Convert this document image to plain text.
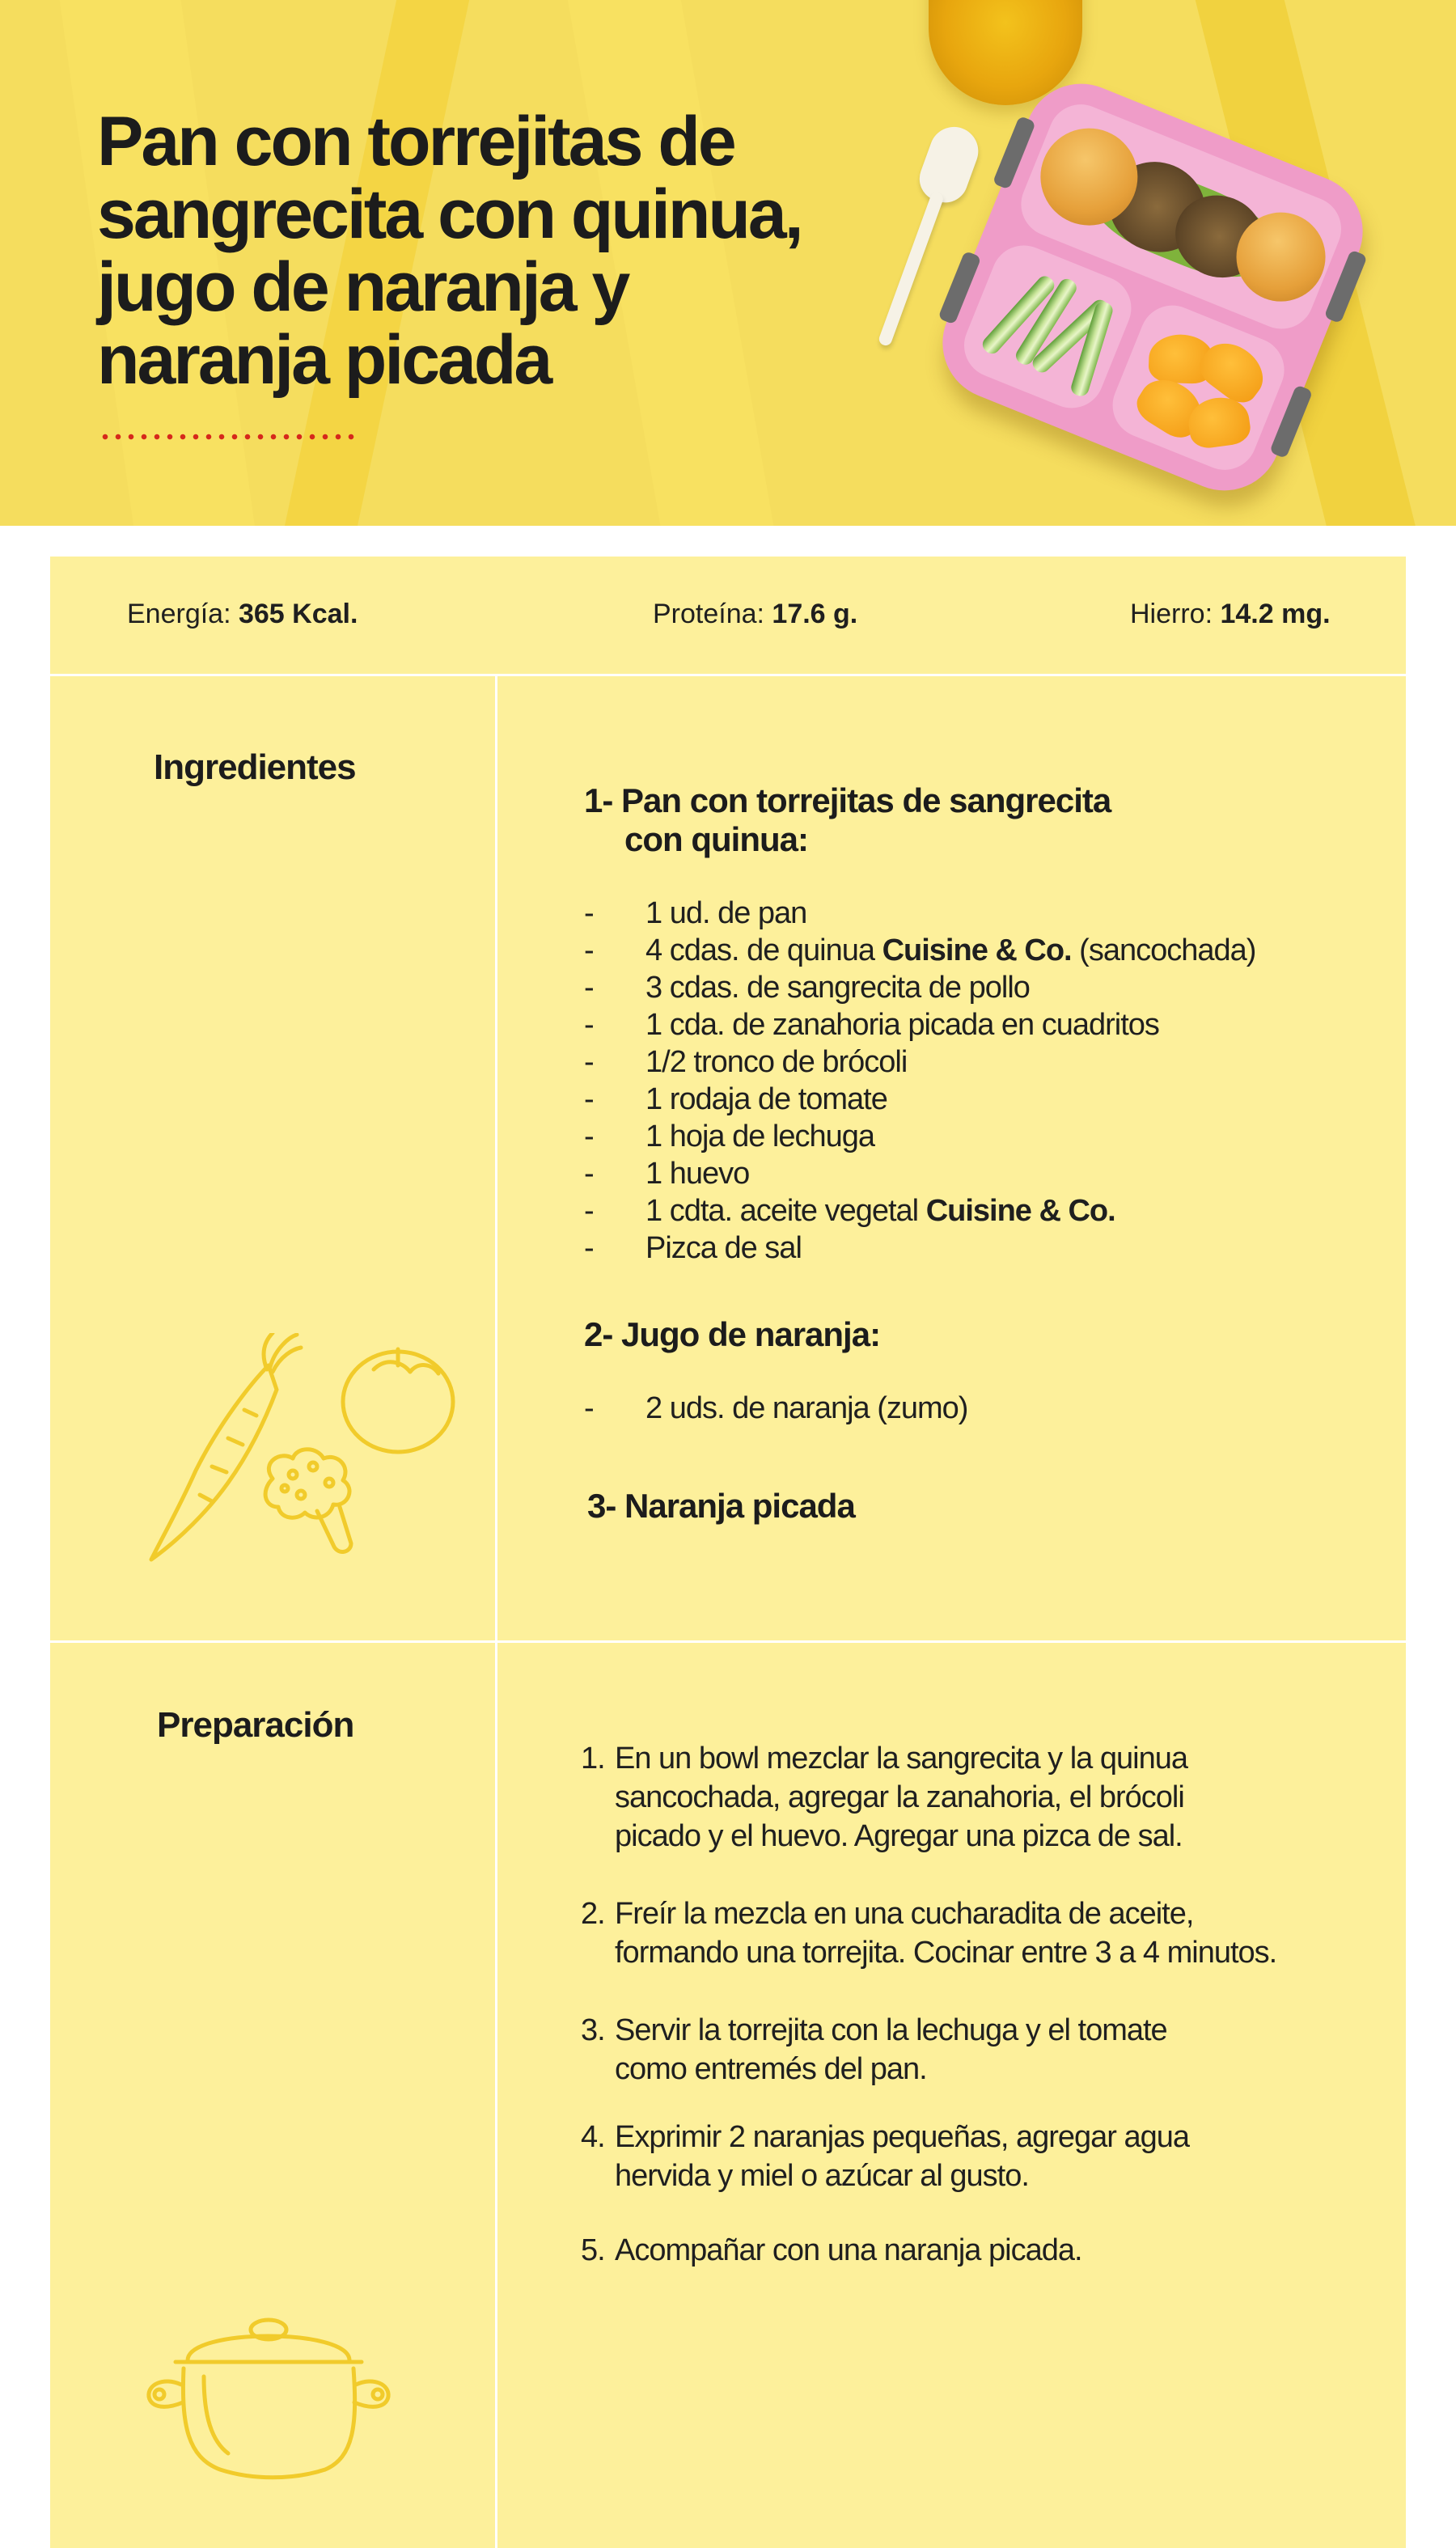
Pan con torrejitas de sangrecita con quinua, jugo de naranja y naranja picada
Energía: 365 Kcal.	Proteína: 17.6 g.	Hierro: 14.2 mg.
Ingredientes
1- Pan con torrejitas de sangrecita
con quinua:
- 1 ud. de pan
- 4 cdas. de quinua Cuisine & Co. (sancochada)
- 3 cdas. de sangrecita de pollo
- 1 cda. de zanahoria picada en cuadritos
- 1/2 tronco de brócoli
- 1 rodaja de tomate
- 1 hoja de lechuga
- 1 huevo
- 1 cdta. aceite vegetal Cuisine & Co.
- Pizca de sal
2- Jugo de naranja:
- 2 uds. de naranja (zumo)
3- Naranja picada
Preparación
1. En un bowl mezclar la sangrecita y la quinua
sancochada, agregar la zanahoria, el brócoli
picado y el huevo. Agregar una pizca de sal.
2. Freír la mezcla en una cucharadita de aceite,
formando una torrejita. Cocinar entre 3 a 4 minutos.
3. Servir la torrejita con la lechuga y el tomate
como entremés del pan.
4. Exprimir 2 naranjas pequeñas, agregar agua
hervida y miel o azúcar al gusto.
5. Acompañar con una naranja picada.
